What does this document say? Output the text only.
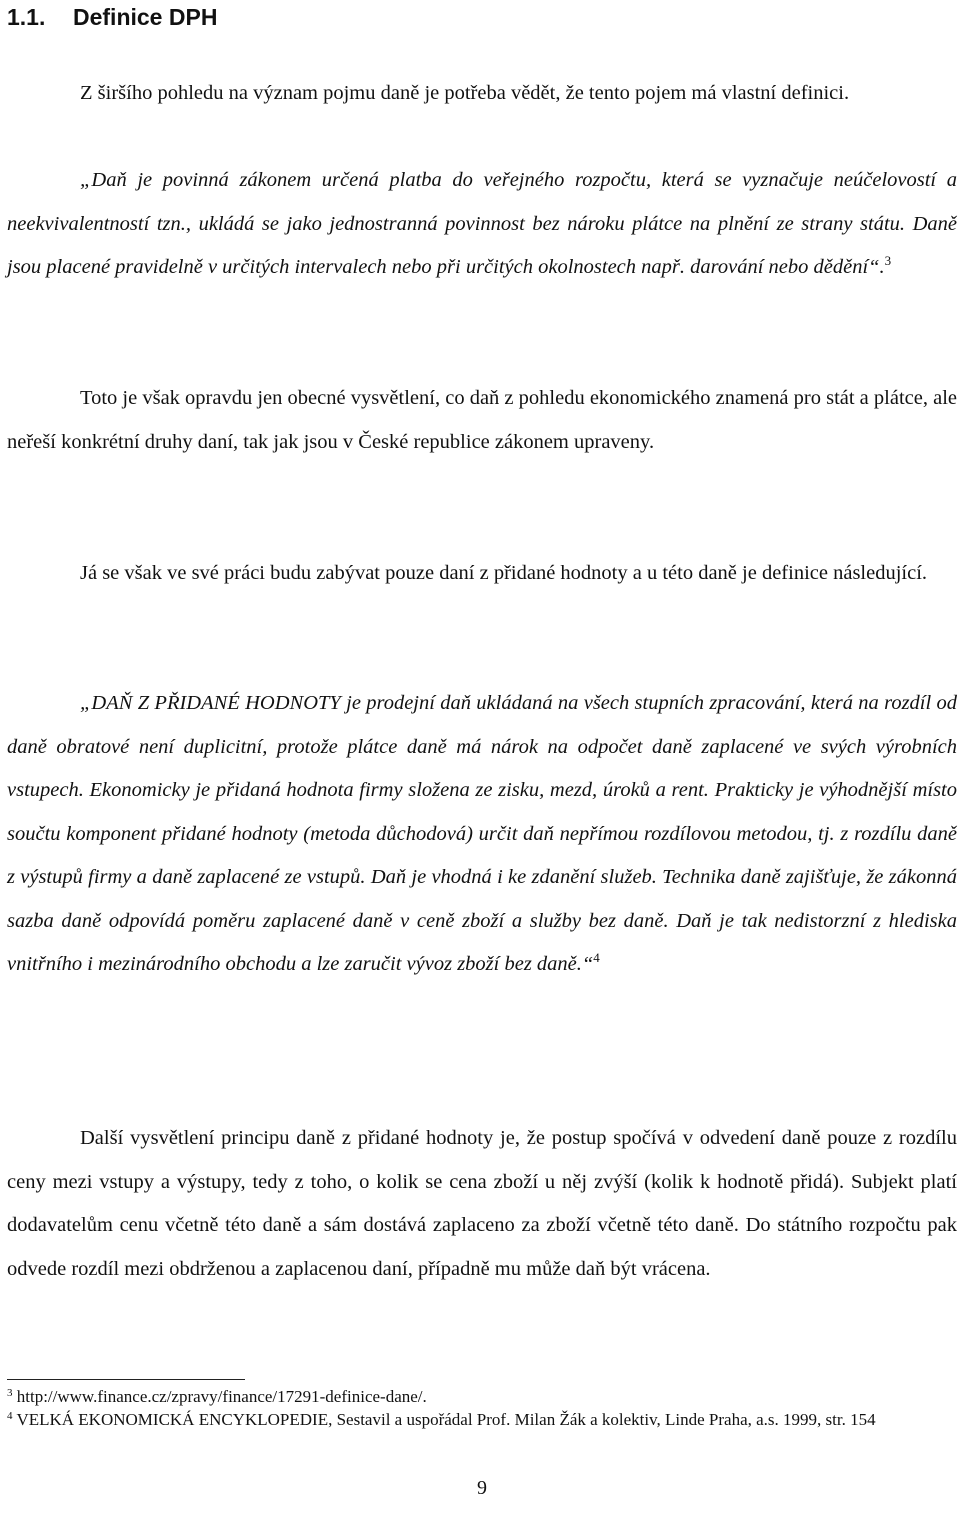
1.1. Definice DPH

Z širšího pohledu na význam pojmu daně je potřeba vědět, že tento pojem má vlastní definici.

„Daň je povinná zákonem určená platba do veřejného rozpočtu, která se vyznačuje neúčelovostí a neekvivalentností tzn., ukládá se jako jednostranná povinnost bez nároku plátce na plnění ze strany státu. Daně jsou placené pravidelně v určitých intervalech nebo při určitých okolnostech např. darování nebo dědění“.$^3$

Toto je však opravdu jen obecné vysvětlení, co daň z pohledu ekonomického znamená pro stát a plátce, ale neřeší konkrétní druhy daní, tak jak jsou v České republice zákonem upraveny.

Já se však ve své práci budu zabývat pouze daní z přidané hodnoty a u této daně je definice následující.

„DAŇ Z PŘIDANÉ HODNOTY je prodejní daň ukládaná na všech stupních zpracování, která na rozdíl od daně obratové není duplicitní, protože plátce daně má nárok na odpočet daně zaplacené ve svých výrobních vstupech. Ekonomicky je přidaná hodnota firmy složena ze zisku, mezd, úroků a rent. Prakticky je výhodnější místo součtu komponent přidané hodnoty (metoda důchodová) určit daň nepřímou rozdílovou metodou, tj. z rozdílu daně z výstupů firmy a daně zaplacené ze vstupů. Daň je vhodná i ke zdanění služeb. Technika daně zajišťuje, že zákonná sazba daně odpovídá poměru zaplacené daně v ceně zboží a služby bez daně. Daň je tak nedistorzní z hlediska vnitřního i mezinárodního obchodu a lze zaručit vývoz zboží bez daně.“$^4$

Další vysvětlení principu daně z přidané hodnoty je, že postup spočívá v odvedení daně pouze z rozdílu ceny mezi vstupy a výstupy, tedy z toho, o kolik se cena zboží u něj zvýší (kolik k hodnotě přidá). Subjekt platí dodavatelům cenu včetně této daně a sám dostává zaplaceno za zboží včetně této daně. Do státního rozpočtu pak odvede rozdíl mezi obdrženou a zaplacenou daní, případně mu může daň být vrácena.

$^3$ http://www.finance.cz/zpravy/finance/17291-definice-dane/.

$^4$ VELKÁ EKONOMICKÁ ENCYKLOPEDIE, Sestavil a uspořádal Prof. Milan Žák a kolektiv, Linde Praha, a.s. 1999, str. 154

9
